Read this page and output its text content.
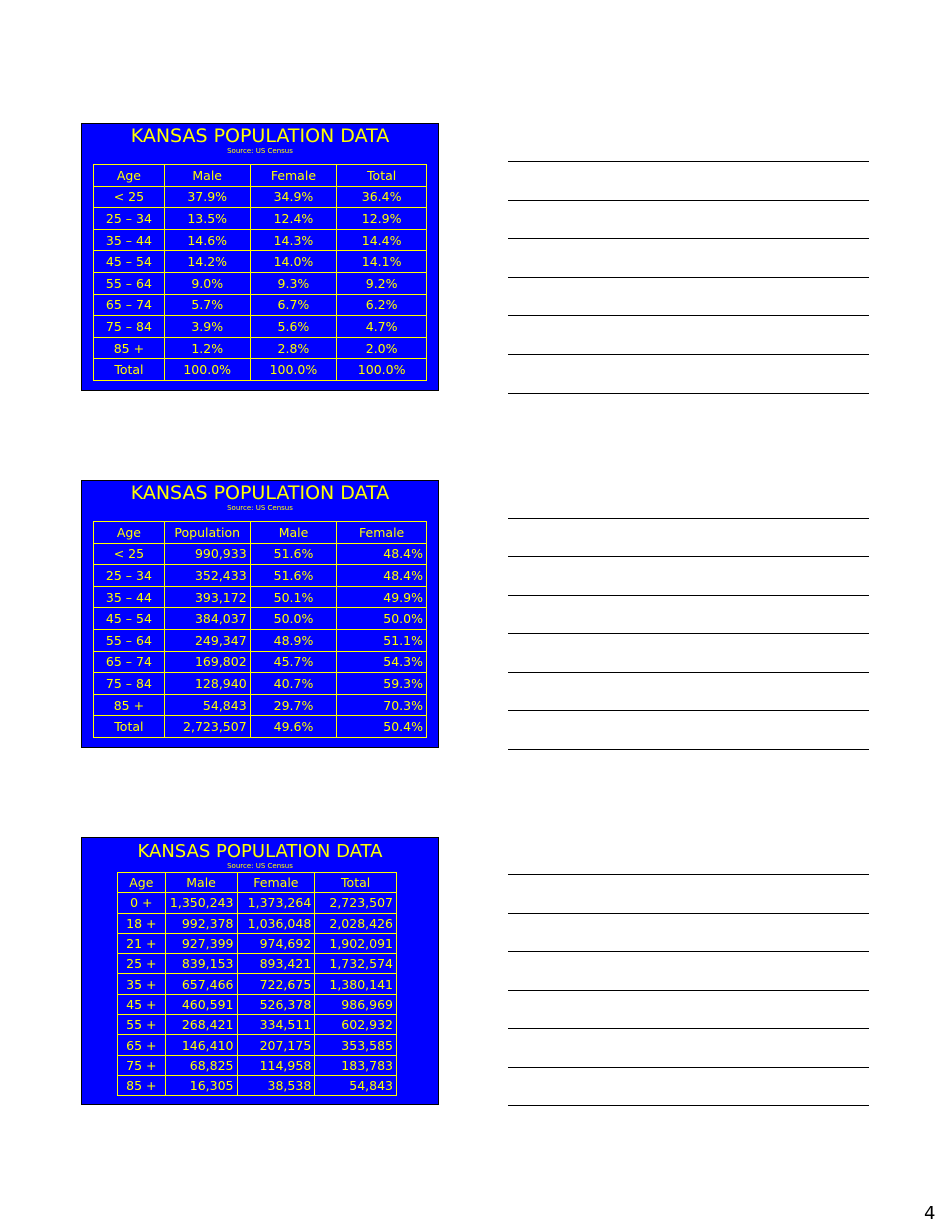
KANSAS POPULATION DATA
Source: US Census
Age	Male	Female	Total
< 25	37.9%	34.9%	36.4%
25 – 34	13.5%	12.4%	12.9%
35 – 44	14.6%	14.3%	14.4%
45 – 54	14.2%	14.0%	14.1%
55 – 64	9.0%	9.3%	9.2%
65 – 74	5.7%	6.7%	6.2%
75 – 84	3.9%	5.6%	4.7%
85 +	1.2%	2.8%	2.0%
Total	100.0%	100.0%	100.0%
KANSAS POPULATION DATA
Source: US Census
Age	Population	Male	Female
< 25	990,933	51.6%	48.4%
25 – 34	352,433	51.6%	48.4%
35 – 44	393,172	50.1%	49.9%
45 – 54	384,037	50.0%	50.0%
55 – 64	249,347	48.9%	51.1%
65 – 74	169,802	45.7%	54.3%
75 – 84	128,940	40.7%	59.3%
85 +	54,843	29.7%	70.3%
Total	2,723,507	49.6%	50.4%
KANSAS POPULATION DATA
Source: US Census
Age	Male	Female	Total
0 +	1,350,243	1,373,264	2,723,507
18 +	992,378	1,036,048	2,028,426
21 +	927,399	974,692	1,902,091
25 +	839,153	893,421	1,732,574
35 +	657,466	722,675	1,380,141
45 +	460,591	526,378	986,969
55 +	268,421	334,511	602,932
65 +	146,410	207,175	353,585
75 +	68,825	114,958	183,783
85 +	16,305	38,538	54,843
4
